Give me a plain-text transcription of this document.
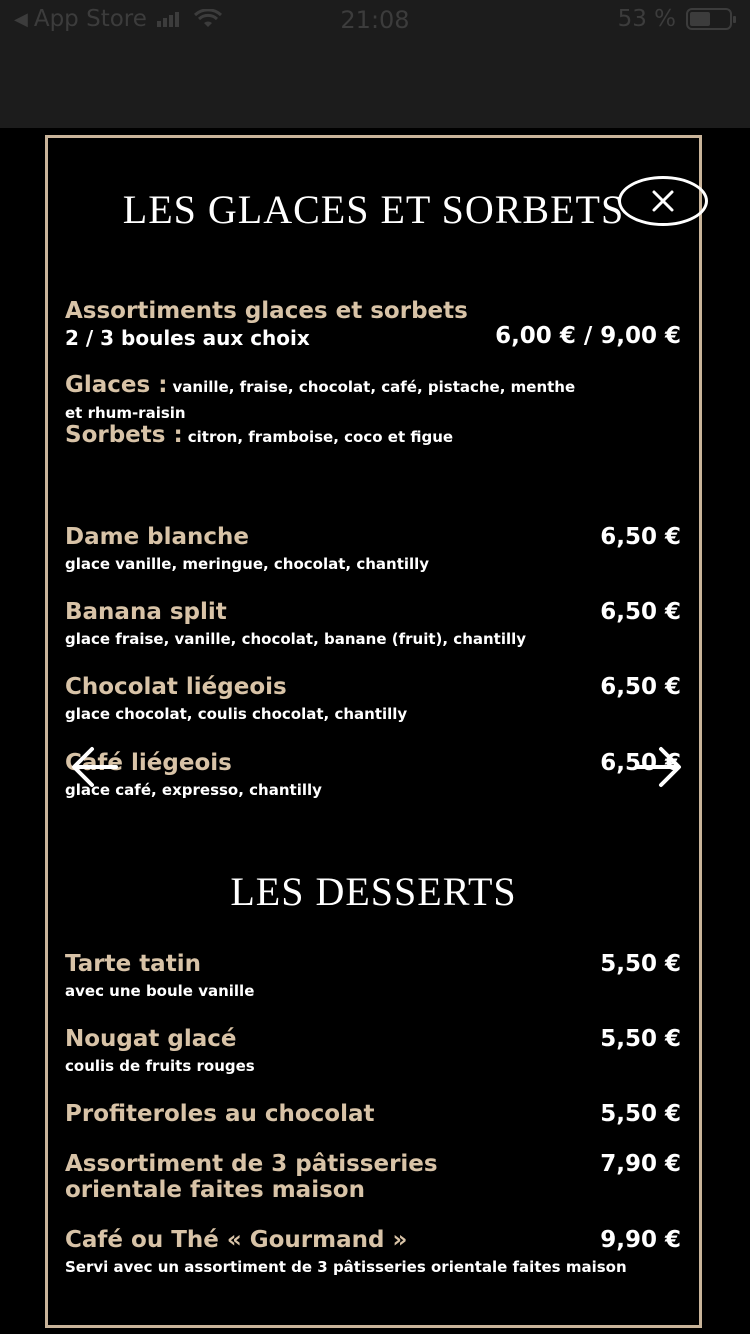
◀ App Store	21:08	53 %
LES GLACES ET SORBETS
Assortiments glaces et sorbets
2 / 3 boules aux choix	6,00 € / 9,00 €
Glaces : vanille, fraise, chocolat, café, pistache, menthe et rhum-raisin
Sorbets : citron, framboise, coco et figue
Dame blanche
glace vanille, meringue, chocolat, chantilly
6,50 €
Banana split
glace fraise, vanille, chocolat, banane (fruit), chantilly
6,50 €
Chocolat liégeois
glace chocolat, coulis chocolat, chantilly
6,50 €
Café liégeois
glace café, expresso, chantilly
6,50 €
LES DESSERTS
Tarte tatin
avec une boule vanille
5,50 €
Nougat glacé
coulis de fruits rouges
5,50 €
Profiteroles au chocolat	5,50 €
Assortiment de 3 pâtisseries orientale faites maison
7,90 €
Café ou Thé « Gourmand »
Servi avec un assortiment de 3 pâtisseries orientale faites maison
9,90 €
